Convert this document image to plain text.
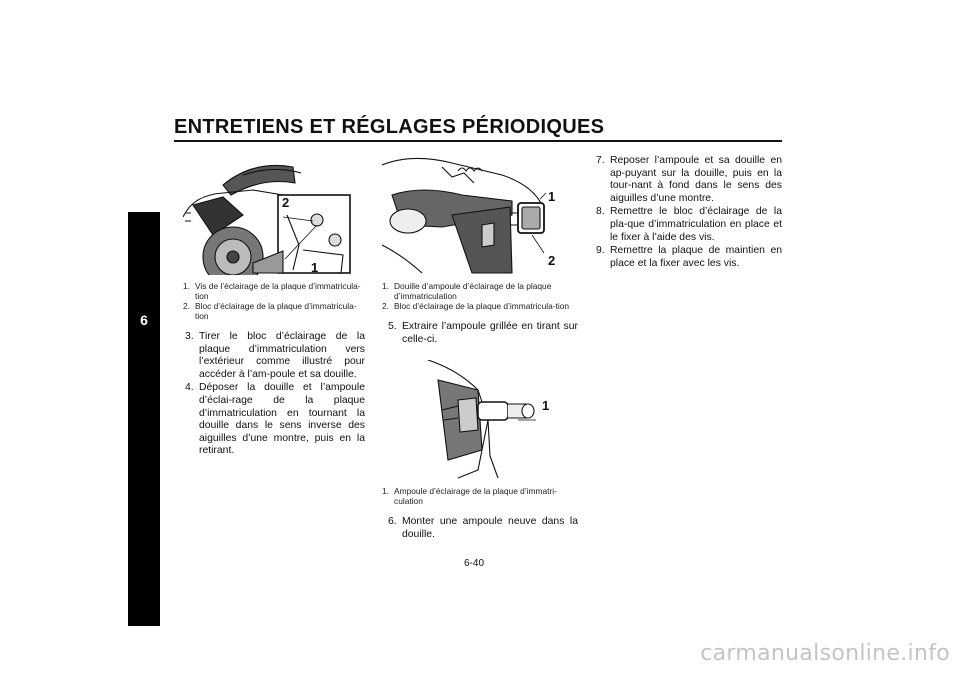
ENTRETIENS ET RÉGLAGES PÉRIODIQUES
6
2
1
1. Vis de l’éclairage de la plaque d’immatricula-tion
2. Bloc d’éclairage de la plaque d’immatricula-tion
3. Tirer le bloc d’éclairage de la plaque d’immatriculation vers l’extérieur comme illustré pour accéder à l’am-poule et sa douille.
4. Déposer la douille et l’ampoule d’éclai-rage de la plaque d’immatriculation en tournant la douille dans le sens inverse des aiguilles d’une montre, puis en la retirant.
1
2
1. Douille d’ampoule d’éclairage de la plaque d’immatriculation
2. Bloc d’éclairage de la plaque d’immatricula-tion
5. Extraire l’ampoule grillée en tirant sur celle-ci.
1
1. Ampoule d’éclairage de la plaque d’immatri-culation
6. Monter une ampoule neuve dans la douille.
7. Reposer l’ampoule et sa douille en ap-puyant sur la douille, puis en la tour-nant à fond dans le sens des aiguilles d’une montre.
8. Remettre le bloc d’éclairage de la pla-que d’immatriculation en place et le fixer à l’aide des vis.
9. Remettre la plaque de maintien en place et la fixer avec les vis.
6-40
carmanualsonline.info
